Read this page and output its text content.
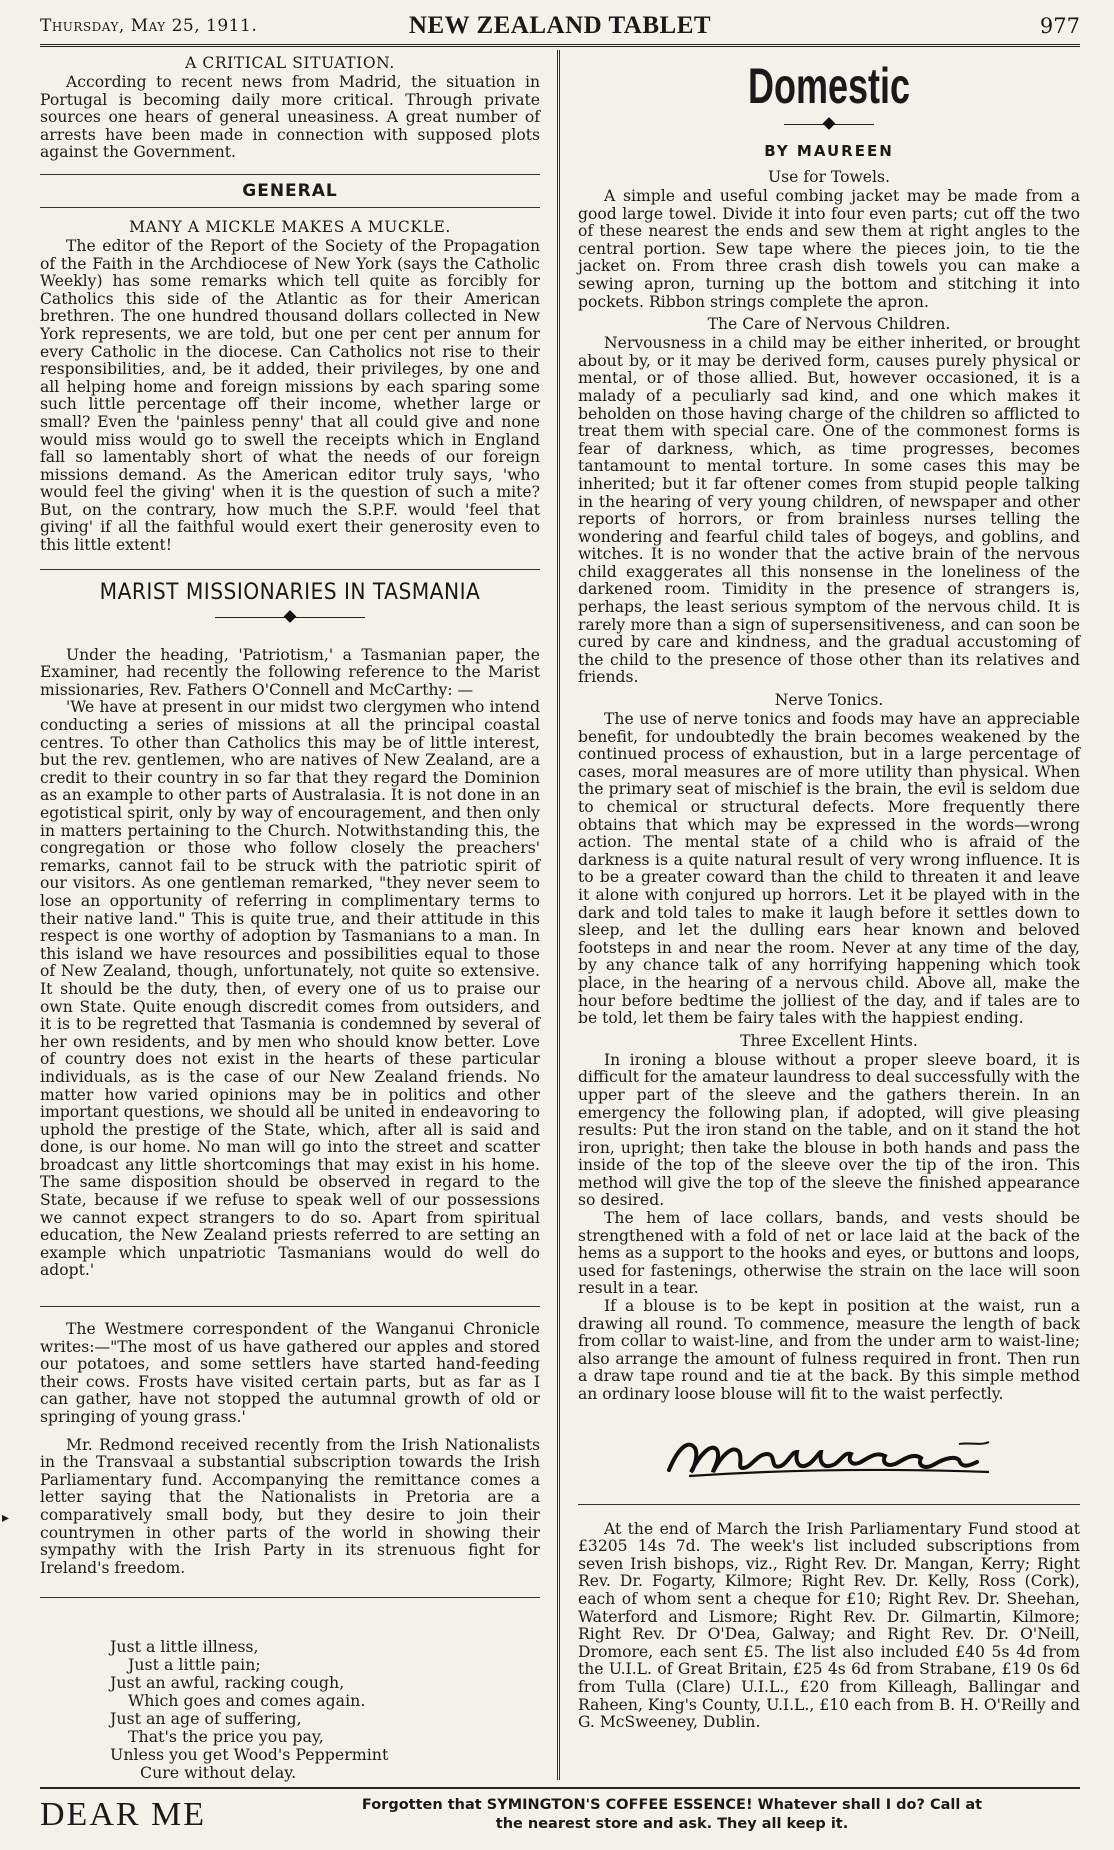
Thursday, May 25, 1911.	NEW ZEALAND TABLET	977
A CRITICAL SITUATION.

According to recent news from Madrid, the situation in Portugal is becoming daily more critical. Through private sources one hears of general uneasiness. A great number of arrests have been made in connection with supposed plots against the Government.

GENERAL
MANY A MICKLE MAKES A MUCKLE.

The editor of the Report of the Society of the Propagation of the Faith in the Archdiocese of New York (says the Catholic Weekly) has some remarks which tell quite as forcibly for Catholics this side of the Atlantic as for their American brethren. The one hundred thousand dollars collected in New York represents, we are told, but one per cent per annum for every Catholic in the diocese. Can Catholics not rise to their responsibilities, and, be it added, their privileges, by one and all helping home and foreign missions by each sparing some such little percentage off their income, whether large or small? Even the 'painless penny' that all could give and none would miss would go to swell the receipts which in England fall so lamentably short of what the needs of our foreign missions demand. As the American editor truly says, 'who would feel the giving' when it is the question of such a mite? But, on the contrary, how much the S.P.F. would 'feel that giving' if all the faithful would exert their generosity even to this little extent!

MARIST MISSIONARIES IN TASMANIA

Under the heading, 'Patriotism,' a Tasmanian paper, the Examiner, had recently the following reference to the Marist missionaries, Rev. Fathers O'Connell and McCarthy: —

'We have at present in our midst two clergymen who intend conducting a series of missions at all the principal coastal centres. To other than Catholics this may be of little interest, but the rev. gentlemen, who are natives of New Zealand, are a credit to their country in so far that they regard the Dominion as an example to other parts of Australasia. It is not done in an egotistical spirit, only by way of encouragement, and then only in matters pertaining to the Church. Notwithstanding this, the congregation or those who follow closely the preachers' remarks, cannot fail to be struck with the patriotic spirit of our visitors. As one gentleman remarked, "they never seem to lose an opportunity of referring in complimentary terms to their native land." This is quite true, and their attitude in this respect is one worthy of adoption by Tasmanians to a man. In this island we have resources and possibilities equal to those of New Zealand, though, unfortunately, not quite so extensive. It should be the duty, then, of every one of us to praise our own State. Quite enough discredit comes from outsiders, and it is to be regretted that Tasmania is condemned by several of her own residents, and by men who should know better. Love of country does not exist in the hearts of these particular individuals, as is the case of our New Zealand friends. No matter how varied opinions may be in politics and other important questions, we should all be united in endeavoring to uphold the prestige of the State, which, after all is said and done, is our home. No man will go into the street and scatter broadcast any little shortcomings that may exist in his home. The same disposition should be observed in regard to the State, because if we refuse to speak well of our possessions we cannot expect strangers to do so. Apart from spiritual education, the New Zealand priests referred to are setting an example which unpatriotic Tasmanians would do well do adopt.'

The Westmere correspondent of the Wanganui Chronicle writes:—"The most of us have gathered our apples and stored our potatoes, and some settlers have started hand-feeding their cows. Frosts have visited certain parts, but as far as I can gather, have not stopped the autumnal growth of old or springing of young grass.'

Mr. Redmond received recently from the Irish Nationalists in the Transvaal a substantial subscription towards the Irish Parliamentary fund. Accompanying the remittance comes a letter saying that the Nationalists in Pretoria are a comparatively small body, but they desire to join their countrymen in other parts of the world in showing their sympathy with the Irish Party in its strenuous fight for Ireland's freedom.

Just a little illness,
Just a little pain;
Just an awful, racking cough,
Which goes and comes again.
Just an age of suffering,
That's the price you pay,
Unless you get Wood's Peppermint
Cure without delay.
Domestic
BY MAUREEN
Use for Towels.

A simple and useful combing jacket may be made from a good large towel. Divide it into four even parts; cut off the two of these nearest the ends and sew them at right angles to the central portion. Sew tape where the pieces join, to tie the jacket on. From three crash dish towels you can make a sewing apron, turning up the bottom and stitching it into pockets. Ribbon strings complete the apron.

The Care of Nervous Children.

Nervousness in a child may be either inherited, or brought about by, or it may be derived form, causes purely physical or mental, or of those allied. But, however occasioned, it is a malady of a peculiarly sad kind, and one which makes it beholden on those having charge of the children so afflicted to treat them with special care. One of the commonest forms is fear of darkness, which, as time progresses, becomes tantamount to mental torture. In some cases this may be inherited; but it far oftener comes from stupid people talking in the hearing of very young children, of newspaper and other reports of horrors, or from brainless nurses telling the wondering and fearful child tales of bogeys, and goblins, and witches. It is no wonder that the active brain of the nervous child exaggerates all this nonsense in the loneliness of the darkened room. Timidity in the presence of strangers is, perhaps, the least serious symptom of the nervous child. It is rarely more than a sign of supersensitiveness, and can soon be cured by care and kindness, and the gradual accustoming of the child to the presence of those other than its relatives and friends.

Nerve Tonics.

The use of nerve tonics and foods may have an appreciable benefit, for undoubtedly the brain becomes weakened by the continued process of exhaustion, but in a large percentage of cases, moral measures are of more utility than physical. When the primary seat of mischief is the brain, the evil is seldom due to chemical or structural defects. More frequently there obtains that which may be expressed in the words—wrong action. The mental state of a child who is afraid of the darkness is a quite natural result of very wrong influence. It is to be a greater coward than the child to threaten it and leave it alone with conjured up horrors. Let it be played with in the dark and told tales to make it laugh before it settles down to sleep, and let the dulling ears hear known and beloved footsteps in and near the room. Never at any time of the day, by any chance talk of any horrifying happening which took place, in the hearing of a nervous child. Above all, make the hour before bedtime the jolliest of the day, and if tales are to be told, let them be fairy tales with the happiest ending.

Three Excellent Hints.

In ironing a blouse without a proper sleeve board, it is difficult for the amateur laundress to deal successfully with the upper part of the sleeve and the gathers therein. In an emergency the following plan, if adopted, will give pleasing results: Put the iron stand on the table, and on it stand the hot iron, upright; then take the blouse in both hands and pass the inside of the top of the sleeve over the tip of the iron. This method will give the top of the sleeve the finished appearance so desired.

The hem of lace collars, bands, and vests should be strengthened with a fold of net or lace laid at the back of the hems as a support to the hooks and eyes, or buttons and loops, used for fastenings, otherwise the strain on the lace will soon result in a tear.

If a blouse is to be kept in position at the waist, run a drawing all round. To commence, measure the length of back from collar to waist-line, and from the under arm to waist-line; also arrange the amount of fulness required in front. Then run a draw tape round and tie at the back. By this simple method an ordinary loose blouse will fit to the waist perfectly.

At the end of March the Irish Parliamentary Fund stood at £3205 14s 7d. The week's list included subscriptions from seven Irish bishops, viz., Right Rev. Dr. Mangan, Kerry; Right Rev. Dr. Fogarty, Kilmore; Right Rev. Dr. Kelly, Ross (Cork), each of whom sent a cheque for £10; Right Rev. Dr. Sheehan, Waterford and Lismore; Right Rev. Dr. Gilmartin, Kilmore; Right Rev. Dr O'Dea, Galway; and Right Rev. Dr. O'Neill, Dromore, each sent £5. The list also included £40 5s 4d from the U.I.L. of Great Britain, £25 4s 6d from Strabane, £19 0s 6d from Tulla (Clare) U.I.L., £20 from Killeagh, Ballingar and Raheen, King's County, U.I.L., £10 each from B. H. O'Reilly and G. McSweeney, Dublin.

▸
DEAR ME	Forgotten that SYMINGTON'S COFFEE ESSENCE! Whatever shall I do? Call at
the nearest store and ask. They all keep it.
